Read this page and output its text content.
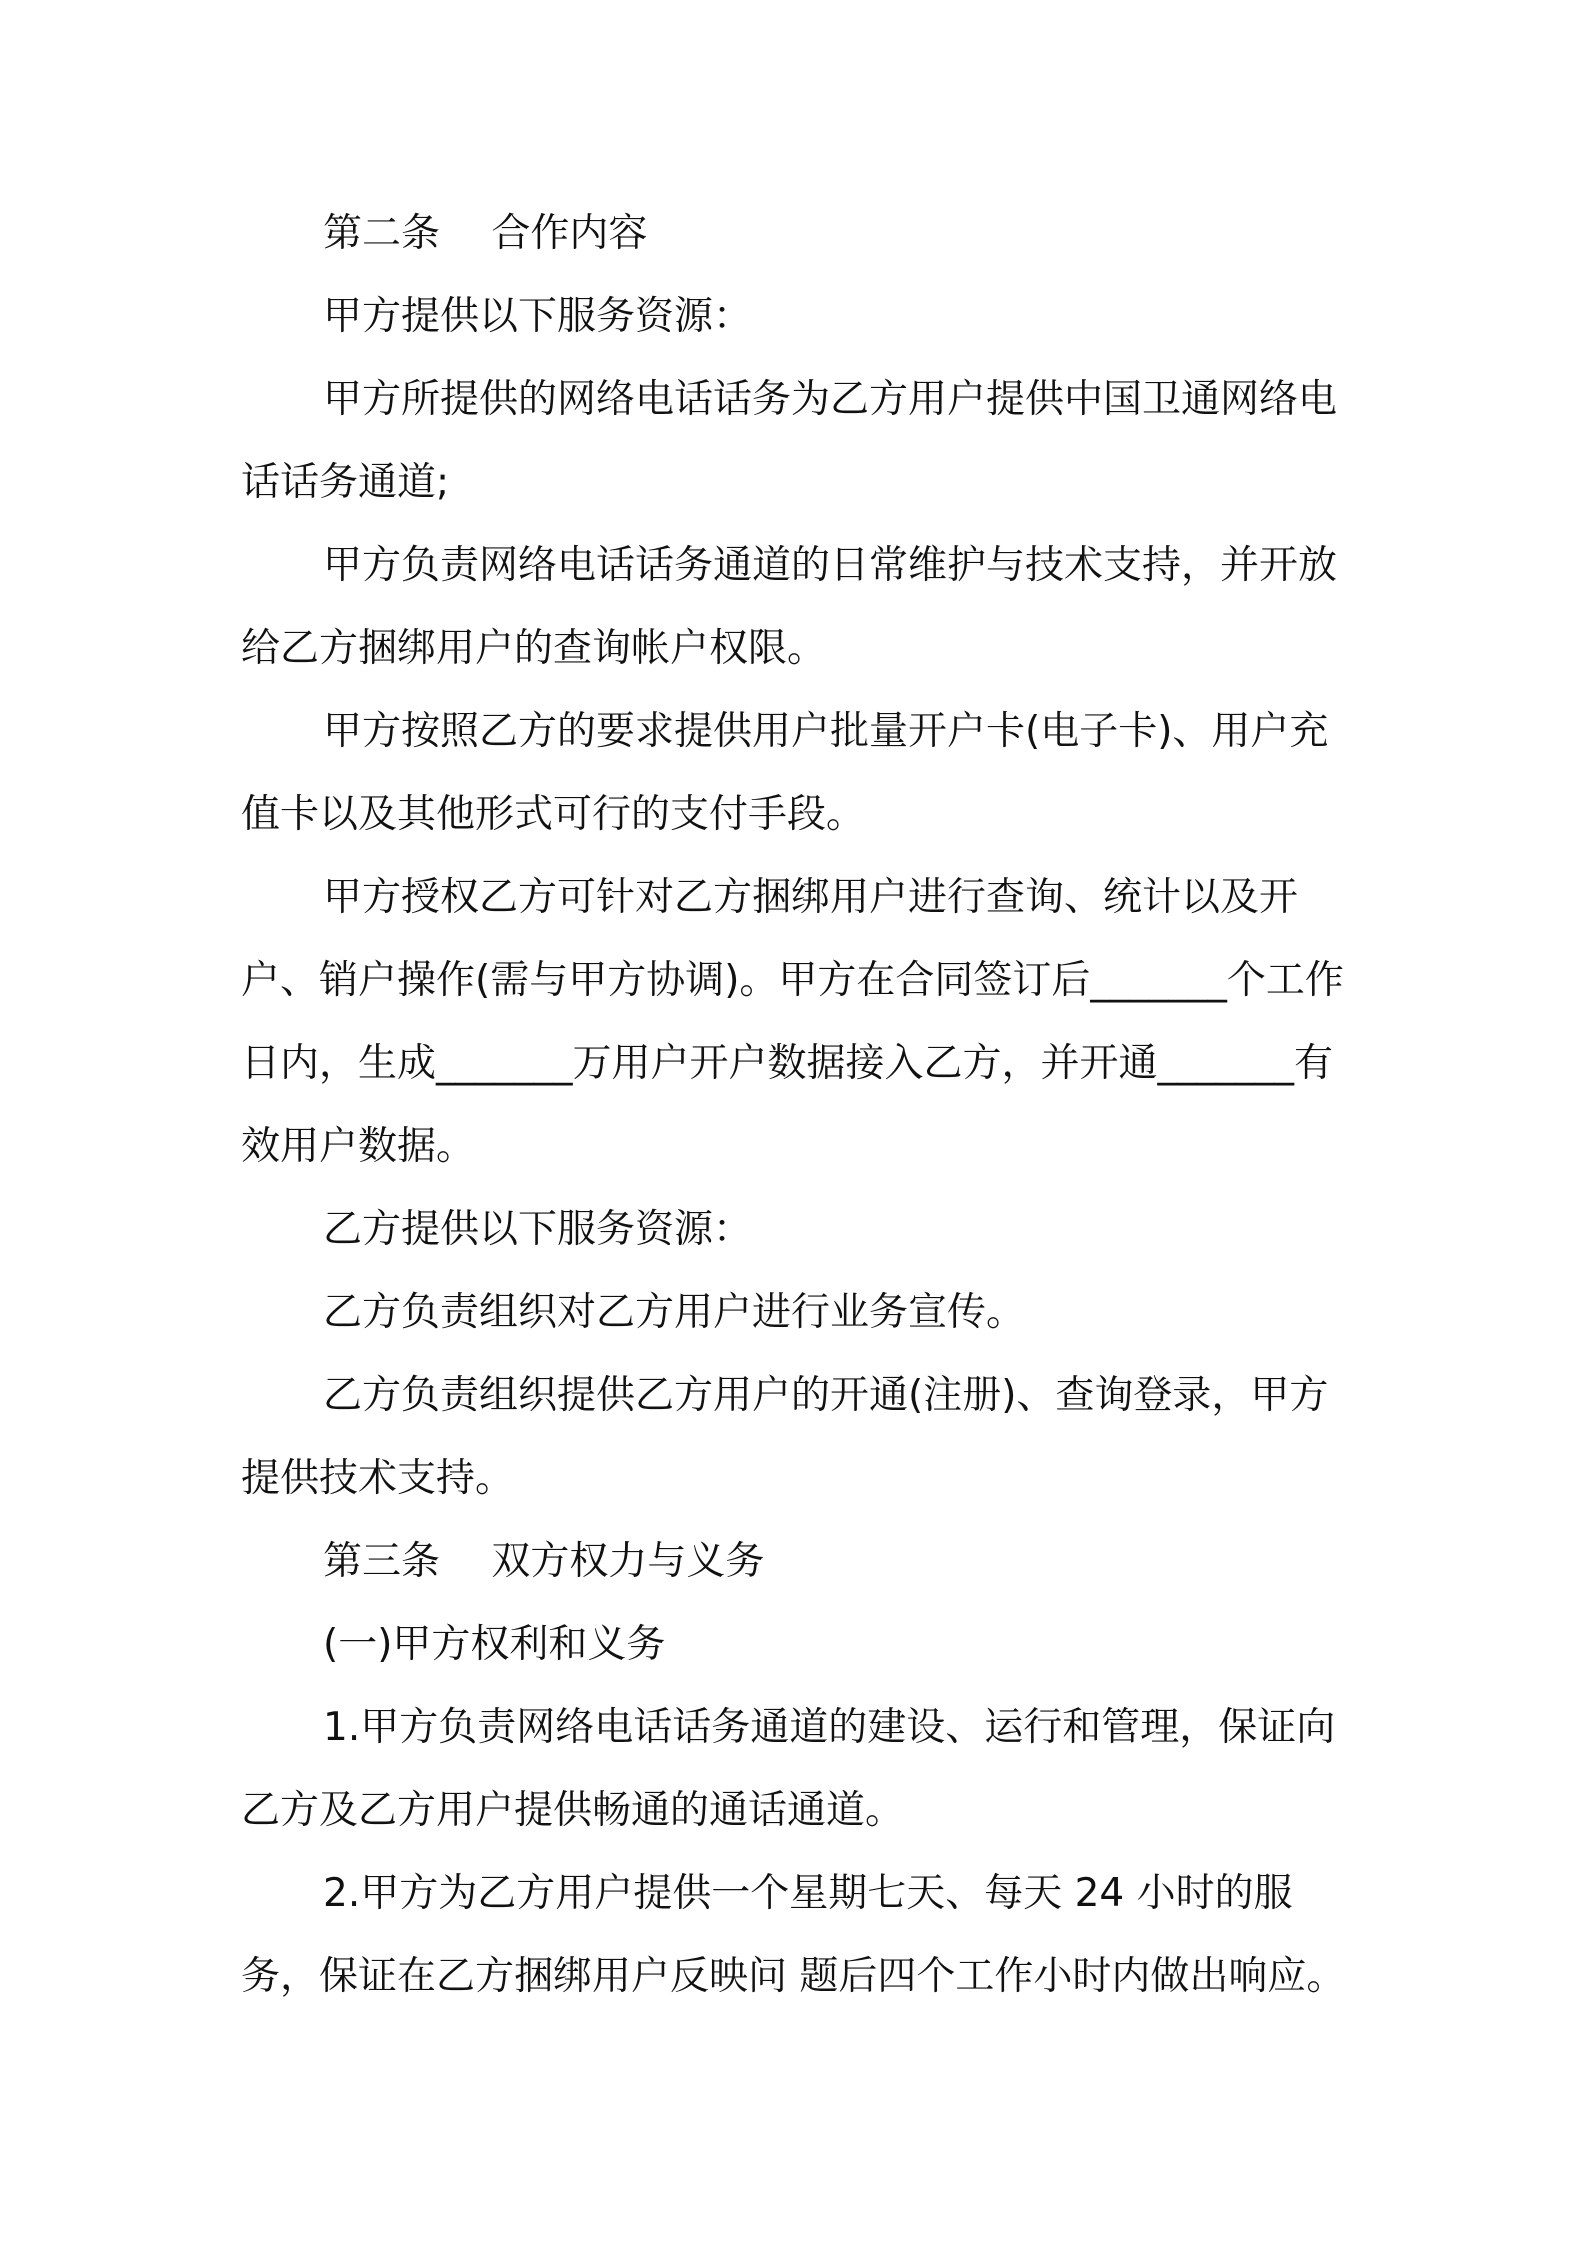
第二条　 合作内容

甲方提供以下服务资源：

甲方所提供的网络电话话务为乙方用户提供中国卫通网络电话话务通道;

甲方负责网络电话话务通道的日常维护与技术支持，并开放给乙方捆绑用户的查询帐户权限。

甲方按照乙方的要求提供用户批量开户卡(电子卡)、用户充值卡以及其他形式可行的支付手段。

甲方授权乙方可针对乙方捆绑用户进行查询、统计以及开户、销户操作(需与甲方协调)。甲方在合同签订后_______个工作日内，生成_______万用户开户数据接入乙方，并开通_______有效用户数据。

乙方提供以下服务资源：

乙方负责组织对乙方用户进行业务宣传。

乙方负责组织提供乙方用户的开通(注册)、查询登录，甲方提供技术支持。

第三条　 双方权力与义务

(一)甲方权利和义务

1.甲方负责网络电话话务通道的建设、运行和管理，保证向乙方及乙方用户提供畅通的通话通道。

2.甲方为乙方用户提供一个星期七天、每天 24 小时的服务，保证在乙方捆绑用户反映问 题后四个工作小时内做出响应。
